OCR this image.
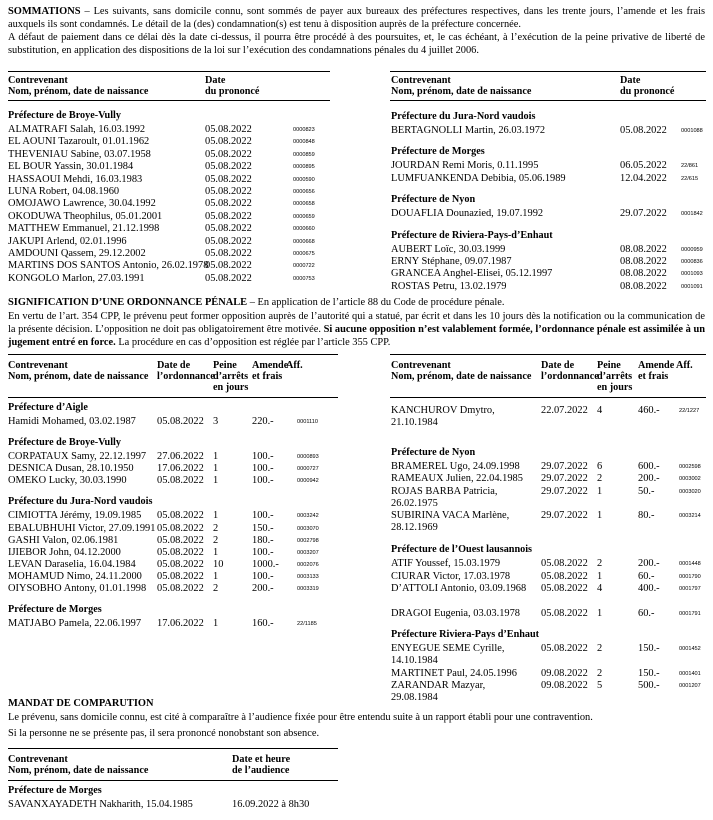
SOMMATIONS – Les suivants, sans domicile connu, sont sommés de payer aux bureaux des préfectures respectives, dans les trente jours, l’amende et les frais auxquels ils sont condamnés. Le détail de la (des) condamnation(s) est tenu à disposition auprès de la préfecture concernée.
A défaut de paiement dans ce délai dès la date ci-dessus, il pourra être procédé à des poursuites, et, le cas échéant, à l’exécution de la peine privative de liberté de substitution, en application des dispositions de la loi sur l’exécution des condamnations pénales du 4 juillet 2006.
Contrevenant
Nom, prénom, date de naissance
Date
du prononcé
Préfecture de Broye-Vully
ALMATRAFI Salah, 16.03.1992	05.08.2022	0000823
EL AOUNI Tazaroult, 01.01.1962	05.08.2022	0000848
THEVENIAU Sabine, 03.07.1958	05.08.2022	0000859
EL BOUR Yassin, 30.01.1984	05.08.2022	0000895
HASSAOUI Mehdi, 16.03.1983	05.08.2022	0000590
LUNA Robert, 04.08.1960	05.08.2022	0000656
OMOJAWO Lawrence, 30.04.1992	05.08.2022	0000658
OKODUWA Theophilus, 05.01.2001	05.08.2022	0000659
MATTHEW Emmanuel, 21.12.1998	05.08.2022	0000660
JAKUPI Arlend, 02.01.1996	05.08.2022	0000668
AMDOUNI Qassem, 29.12.2002	05.08.2022	0000675
MARTINS DOS SANTOS Antonio, 26.02.1978
05.08.2022	0000722
KONGOLO Marlon, 27.03.1991	05.08.2022	0000753
Contrevenant
Nom, prénom, date de naissance
Date
du prononcé
Préfecture du Jura-Nord vaudois
BERTAGNOLLI Martin, 26.03.1972	05.08.2022	0001088
Préfecture de Morges
JOURDAN Remi Moris, 0.11.1995	06.05.2022	22/861
LUMFUANKENDA Debibia, 05.06.1989	12.04.2022	22/615
Préfecture de Nyon
DOUAFLIA Dounazied, 19.07.1992	29.07.2022	0001842
Préfecture de Riviera-Pays-d’Enhaut
AUBERT Loïc, 30.03.1999	08.08.2022	0000959
ERNY Stéphane, 09.07.1987	08.08.2022	0000836
GRANCEA Anghel-Elisei, 05.12.1997	08.08.2022	0001093
ROSTAS Petru, 13.02.1979	08.08.2022	0001091
SIGNIFICATION D’UNE ORDONNANCE PÉNALE – En application de l’article 88 du Code de procédure pénale.
En vertu de l’art. 354 CPP, le prévenu peut former opposition auprès de l’autorité qui a statué, par écrit et dans les 10 jours dès la notification ou la communication de la présente décision. L’opposition ne doit pas obligatoirement être motivée. Si aucune opposition n’est valablement formée, l’ordonnance pénale est assimilée à un jugement entré en force. La procédure en cas d’opposition est réglée par l’article 355 CPP.
Contrevenant
Nom, prénom, date de naissance
Date de
l’ordonnance
Peine
d’arrêts
en jours
Amende
et frais
Aff.
Préfecture d’Aigle
Hamidi Mohamed, 03.02.1987 05.08.2022 3	220.-	0001110
Préfecture de Broye-Vully
CORPATAUX Samy, 22.12.1997 27.06.2022 1	100.-	0000893
DESNICA Dusan, 28.10.1950 17.06.2022 1	100.-	0000727
OMEKO Lucky, 30.03.1990	05.08.2022 1	100.-	0000942
Préfecture du Jura-Nord vaudois
CIMIOTTA Jérémy, 19.09.1985 05.08.2022 1	100.-	0003242
EBALUBHUHI Victor, 27.09.1991 05.08.2022 2	150.-	0003070
GASHI Valon, 02.06.1981	05.08.2022 2	180.-	0002798
IJIEBOR John, 04.12.2000	05.08.2022 1	100.-	0003207
LEVAN Daraselia, 16.04.1984 05.08.2022 10	1000.-	0002076
MOHAMUD Nimo, 24.11.2000 05.08.2022 1	100.-	0003133
OIYSOBHO Antony, 01.01.1998 05.08.2022 2	200.-	0003319
Préfecture de Morges
MATJABO Pamela, 22.06.1997 17.06.2022 1	160.-	22/1185
Contrevenant
Nom, prénom, date de naissance
Date de
l’ordonnance
Peine
d’arrêts
en jours
Amende
et frais
Aff.
KANCHUROV Dmytro, 21.10.1984
22.07.2022 4	460.-	22/1227
Préfecture de Nyon
BRAMEREL Ugo, 24.09.1998 29.07.2022 6	600.-	0002598
RAMEAUX Julien, 22.04.1985 29.07.2022 2	200.-	0003002
ROJAS BARBA Patricia, 26.02.1975
29.07.2022 1	50.-	0003020
SUBIRINA VACA Marlène, 28.12.1969
29.07.2022 1	80.-	0003214
Préfecture de l’Ouest lausannois
ATIF Youssef, 15.03.1979	05.08.2022 2	200.-	0001448
CIURAR Victor, 17.03.1978	05.08.2022 1	60.-	0001790
D’ATTOLI Antonio, 03.09.1968	05.08.2022 4	400.-	0001797
DRAGOI Eugenia, 03.03.1978 05.08.2022 1	60.-	0001791
Préfecture Riviera-Pays d’Enhaut
ENYEGUE SEME Cyrille, 14.10.1984
05.08.2022 2	150.-	0001452
MARTINET Paul, 24.05.1996 09.08.2022 2	150.-	0001401
ZARANDAR Mazyar, 29.08.1984
09.08.2022 5	500.-	0001207
MANDAT DE COMPARUTION
Le prévenu, sans domicile connu, est cité à comparaître à l’audience fixée pour être entendu suite à un rapport établi pour une contravention.
Si la personne ne se présente pas, il sera prononcé nonobstant son absence.
Contrevenant
Nom, prénom, date de naissance
Date et heure
de l’audience
Préfecture de Morges
SAVANXAYADETH Nakharith, 15.04.1985	16.09.2022 à 8h30
